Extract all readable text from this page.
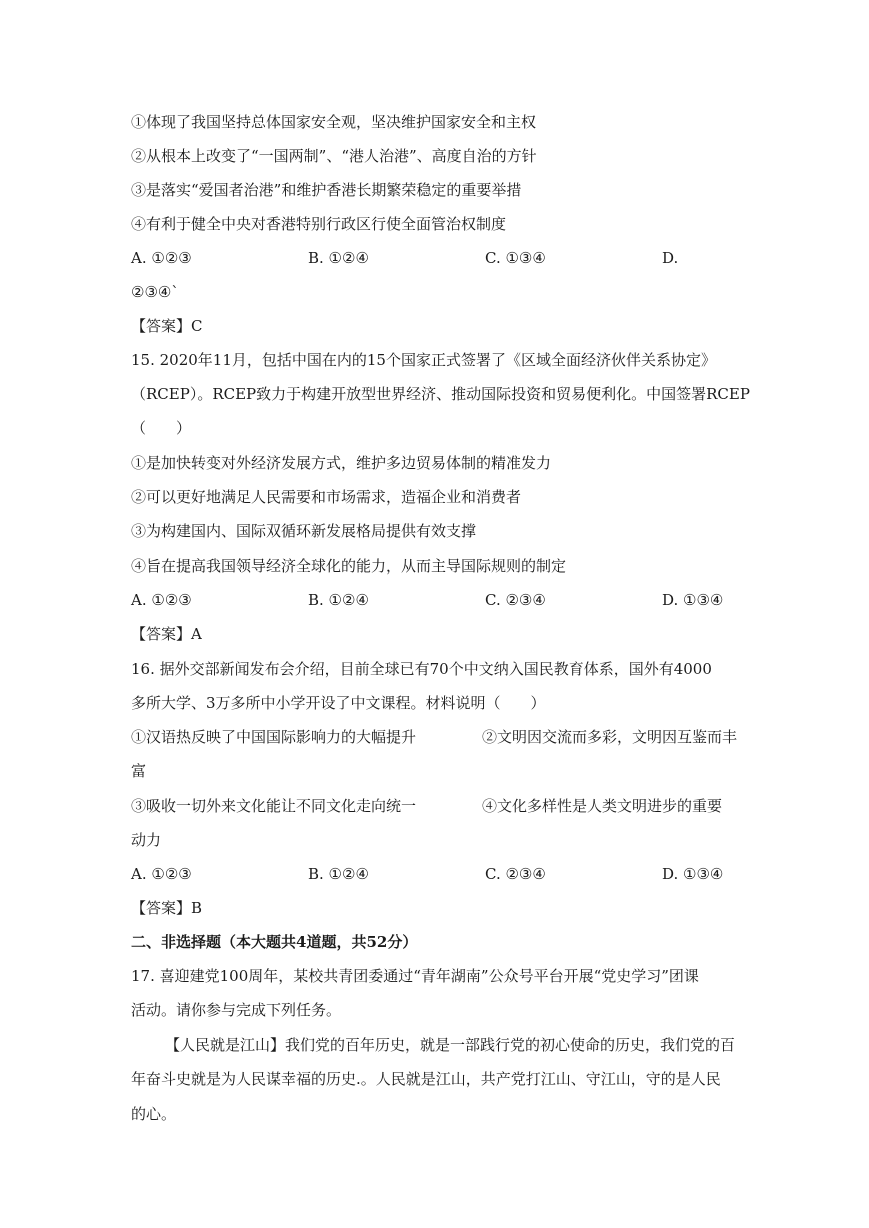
①体现了我国坚持总体国家安全观，坚决维护国家安全和主权
②从根本上改变了“一国两制”、“港人治港”、高度自治的方针
③是落实“爱国者治港”和维护香港长期繁荣稳定的重要举措
④有利于健全中央对香港特别行政区行使全面管治权制度
A. ①②③	B. ①②④	C. ①③④	D.
②③④`
【答案】C
15. 2020年11月，包括中国在内的15个国家正式签署了《区域全面经济伙伴关系协定》
（RCEP）。RCEP致力于构建开放型世界经济、推动国际投资和贸易便利化。中国签署RCEP
（　　）
①是加快转变对外经济发展方式，维护多边贸易体制的精准发力
②可以更好地满足人民需要和市场需求，造福企业和消费者
③为构建国内、国际双循环新发展格局提供有效支撑
④旨在提高我国领导经济全球化的能力，从而主导国际规则的制定
A. ①②③	B. ①②④	C. ②③④	D. ①③④
【答案】A
16. 据外交部新闻发布会介绍，目前全球已有70个中文纳入国民教育体系，国外有4000
多所大学、3万多所中小学开设了中文课程。材料说明（　　）
①汉语热反映了中国国际影响力的大幅提升	②文明因交流而多彩，文明因互鉴而丰
富
③吸收一切外来文化能让不同文化走向统一	④文化多样性是人类文明进步的重要
动力
A. ①②③	B. ①②④	C. ②③④	D. ①③④
【答案】B
二、非选择题（本大题共4道题，共52分）
17. 喜迎建党100周年，某校共青团委通过“青年湖南”公众号平台开展“党史学习”团课
活动。请你参与完成下列任务。
【人民就是江山】我们党的百年历史，就是一部践行党的初心使命的历史，我们党的百
年奋斗史就是为人民谋幸福的历史.。人民就是江山，共产党打江山、守江山，守的是人民
的心。
